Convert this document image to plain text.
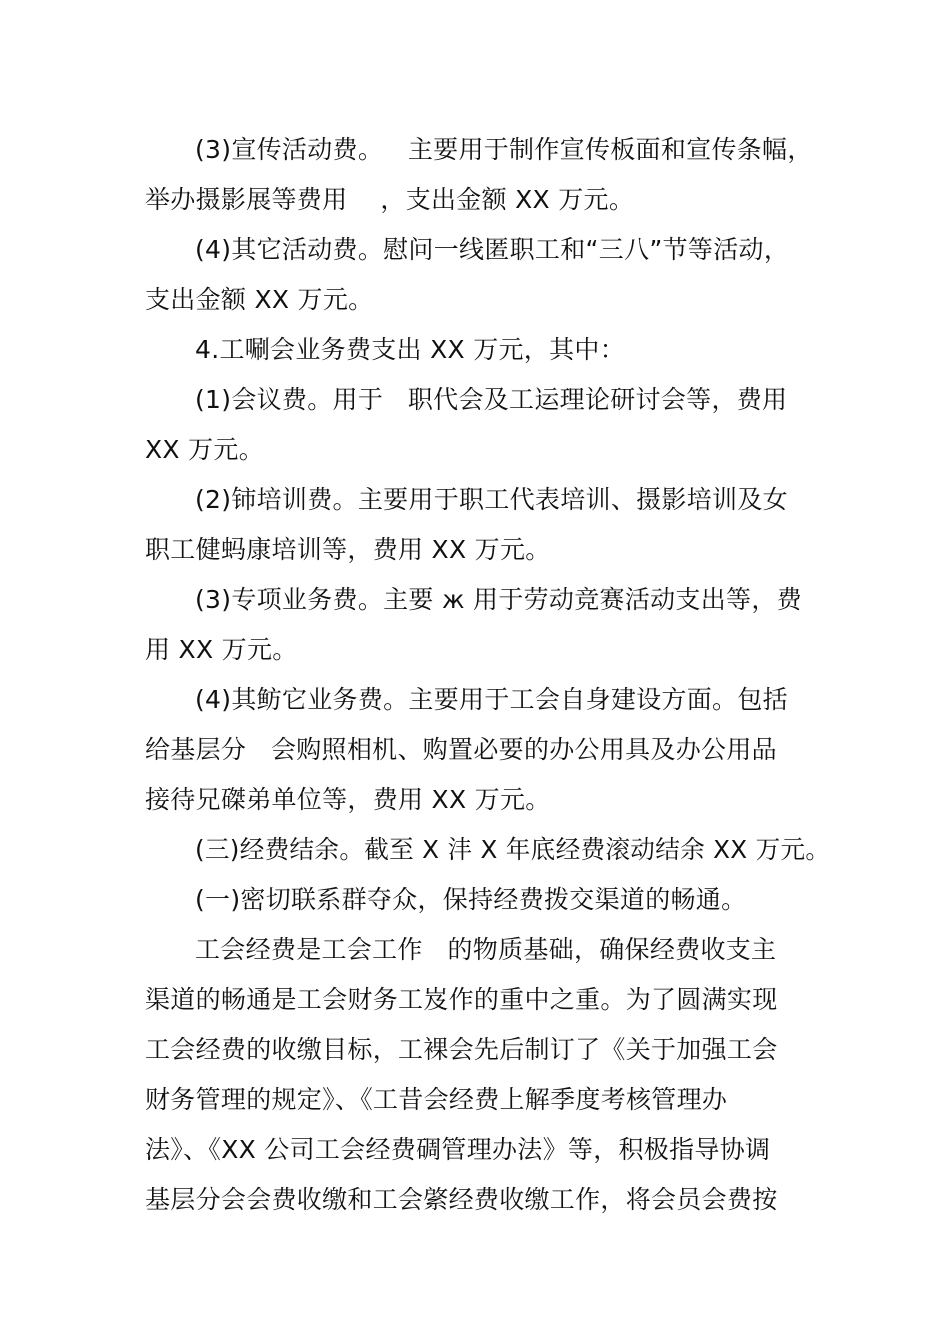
(3)宣传活动费。   主要用于制作宣传板面和宣传条幅，
举办摄影展等费用    ，支出金额 XX 万元。
(4)其它活动费。慰问一线匿职工和“三八”节等活动，
支出金额 XX 万元。
4.工唰会业务费支出 XX 万元，其中：
(1)会议费。用于   职代会及工运理论研讨会等，费用
XX 万元。
(2)铈培训费。主要用于职工代表培训、摄影培训及女
职工健蚂康培训等，费用 XX 万元。
(3)专项业务费。主要 ж 用于劳动竞赛活动支出等，费
用 XX 万元。
(4)其鲂它业务费。主要用于工会自身建设方面。包括
给基层分   会购照相机、购置必要的办公用具及办公用品
接待兄磔弟单位等，费用 XX 万元。
(三)经费结余。截至 X 沣 X 年底经费滚动结余 XX 万元。
(一)密切联系群夺众，保持经费拨交渠道的畅通。
工会经费是工会工作   的物质基础，确保经费收支主
渠道的畅通是工会财务工岌作的重中之重。为了圆满实现
工会经费的收缴目标，工裸会先后制订了《关于加强工会
财务管理的规定》、《工昔会经费上解季度考核管理办
法》、《XX 公司工会经费碉管理办法》等，积极指导协调
基层分会会费收缴和工会綮经费收缴工作，将会员会费按
